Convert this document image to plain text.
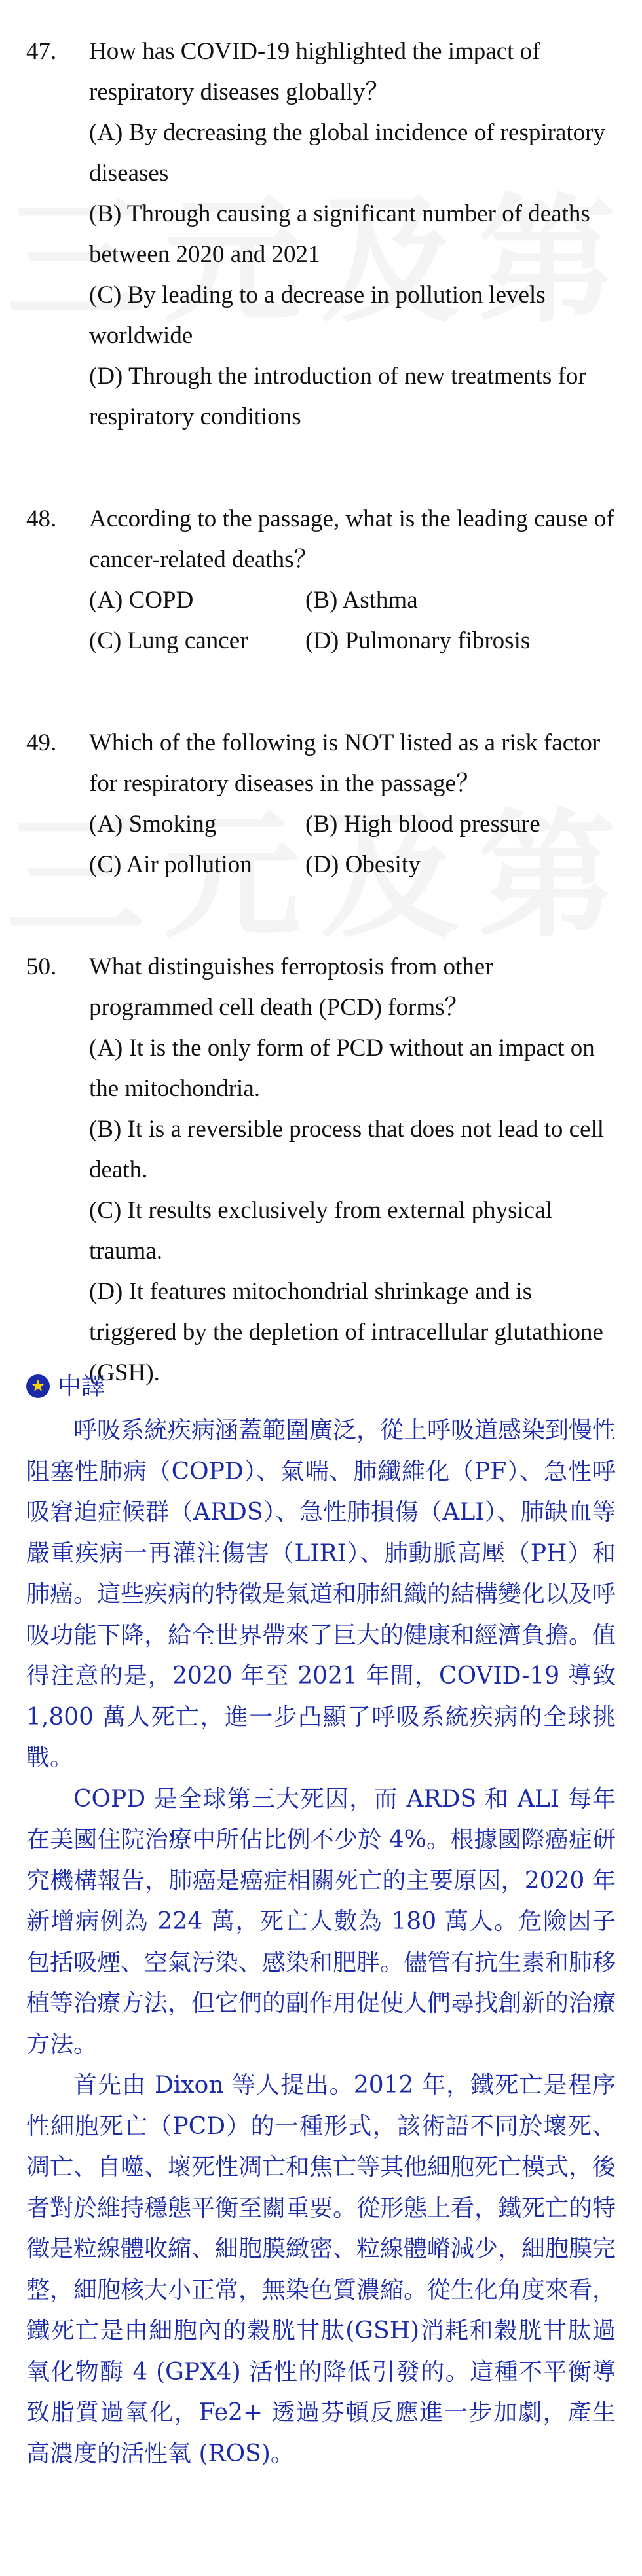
47. How has COVID-19 highlighted the impact of respiratory diseases globally？
(A) By decreasing the global incidence of respiratory diseases
(B) Through causing a significant number of deaths between 2020 and 2021
(C) By leading to a decrease in pollution levels worldwide
(D) Through the introduction of new treatments for respiratory conditions
48. According to the passage, what is the leading cause of cancer-related deaths？
(A) COPD	(B) Asthma
(C) Lung cancer	(D) Pulmonary fibrosis
49. Which of the following is NOT listed as a risk factor for respiratory diseases in the passage？
(A) Smoking	(B) High blood pressure
(C) Air pollution	(D) Obesity
50. What distinguishes ferroptosis from other programmed cell death (PCD) forms？
(A) It is the only form of PCD without an impact on the mitochondria.
(B) It is a reversible process that does not lead to cell death.
(C) It results exclusively from external physical trauma.
(D) It features mitochondrial shrinkage and is triggered by the depletion of intracellular glutathione (GSH).
★ 中譯

呼吸系統疾病涵蓋範圍廣泛，從上呼吸道感染到慢性阻塞性肺病（COPD）、氣喘、肺纖維化（PF）、急性呼吸窘迫症候群（ARDS）、急性肺損傷（ALI）、肺缺血等嚴重疾病一再灌注傷害（LIRI）、肺動脈高壓（PH）和肺癌。這些疾病的特徵是氣道和肺組織的結構變化以及呼吸功能下降，給全世界帶來了巨大的健康和經濟負擔。值得注意的是，2020 年至 2021 年間，COVID-19 導致 1,800 萬人死亡，進一步凸顯了呼吸系統疾病的全球挑戰。

COPD 是全球第三大死因，而 ARDS 和 ALI 每年在美國住院治療中所佔比例不少於 4%。根據國際癌症研究機構報告，肺癌是癌症相關死亡的主要原因，2020 年新增病例為 224 萬，死亡人數為 180 萬人。危險因子包括吸煙、空氣污染、感染和肥胖。儘管有抗生素和肺移植等治療方法，但它們的副作用促使人們尋找創新的治療方法。

首先由 Dixon 等人提出。2012 年，鐵死亡是程序性細胞死亡（PCD）的一種形式，該術語不同於壞死、凋亡、自噬、壞死性凋亡和焦亡等其他細胞死亡模式，後者對於維持穩態平衡至關重要。從形態上看，鐵死亡的特徵是粒線體收縮、細胞膜緻密、粒線體嵴減少，細胞膜完整，細胞核大小正常，無染色質濃縮。從生化角度來看，鐵死亡是由細胞內的穀胱甘肽(GSH)消耗和穀胱甘肽過氧化物酶 4 (GPX4) 活性的降低引發的。這種不平衡導致脂質過氧化，Fe2+ 透過芬頓反應進一步加劇，產生高濃度的活性氧 (ROS)。
